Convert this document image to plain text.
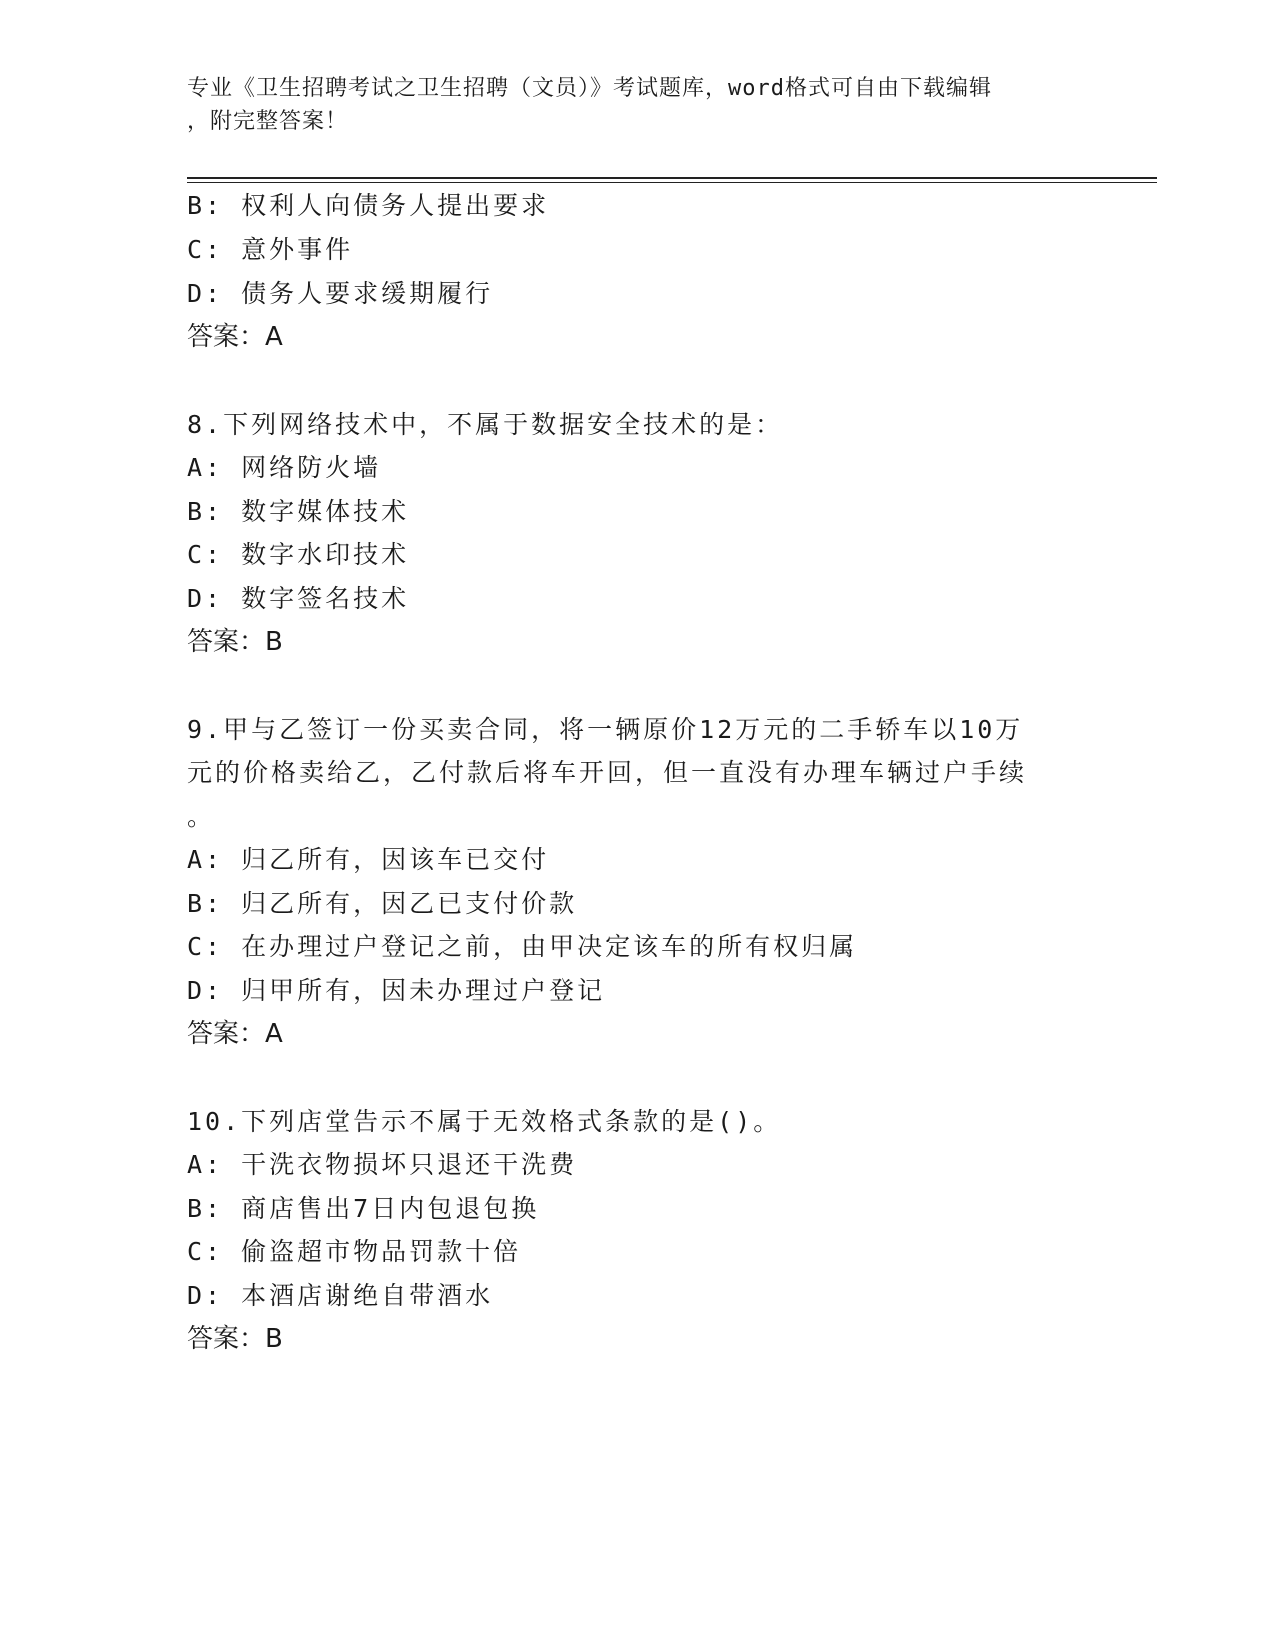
专业《卫生招聘考试之卫生招聘（文员）》考试题库，word格式可自由下载编辑
，附完整答案！
B: 权利人向债务人提出要求
C: 意外事件
D: 债务人要求缓期履行
答案：A
8.下列网络技术中，不属于数据安全技术的是：
A: 网络防火墙
B: 数字媒体技术
C: 数字水印技术
D: 数字签名技术
答案：B
9.甲与乙签订一份买卖合同，将一辆原价12万元的二手轿车以10万
元的价格卖给乙，乙付款后将车开回，但一直没有办理车辆过户手续
。
A: 归乙所有，因该车已交付
B: 归乙所有，因乙已支付价款
C: 在办理过户登记之前，由甲决定该车的所有权归属
D: 归甲所有，因未办理过户登记
答案：A
10.下列店堂告示不属于无效格式条款的是()。
A: 干洗衣物损坏只退还干洗费
B: 商店售出7日内包退包换
C: 偷盗超市物品罚款十倍
D: 本酒店谢绝自带酒水
答案：B
